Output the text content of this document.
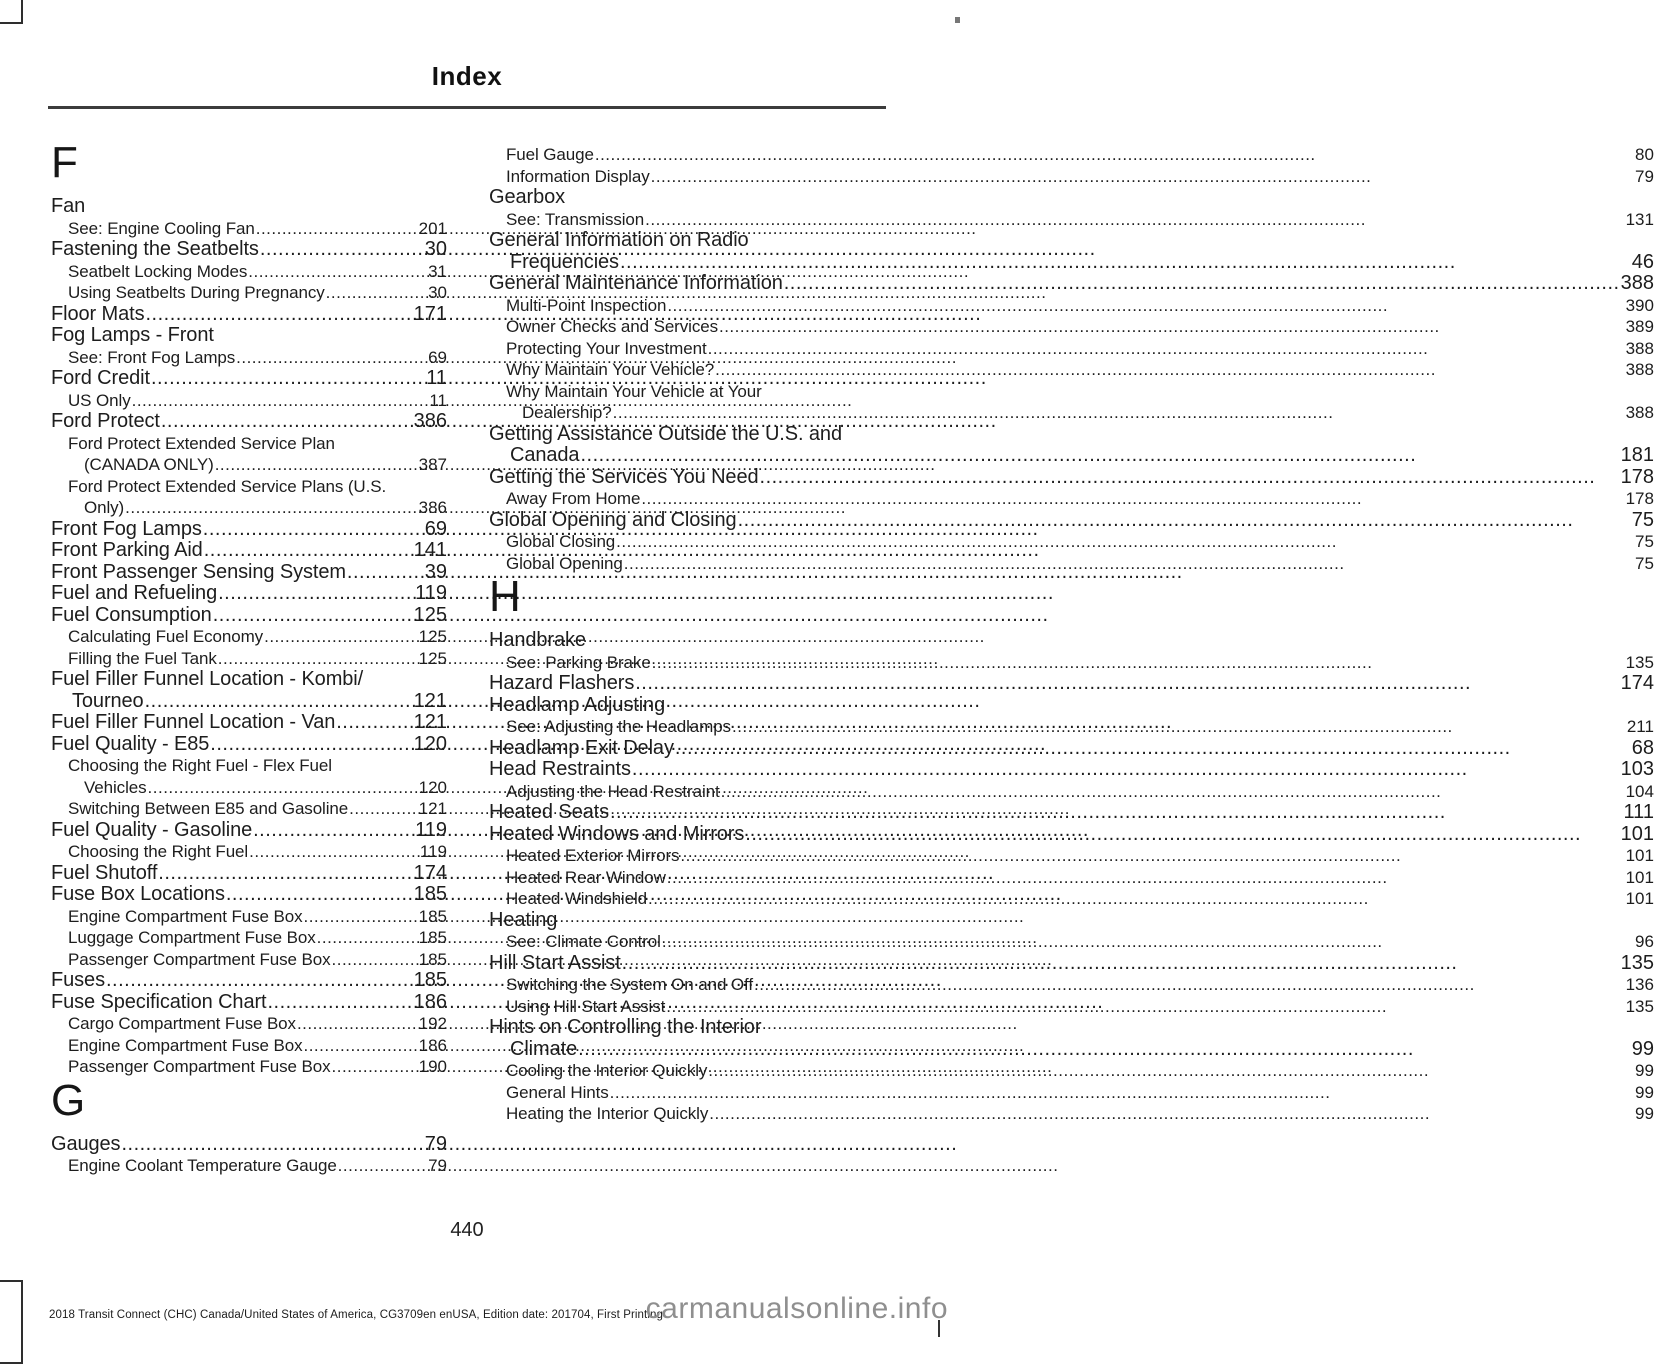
Index
F
Fan
See: Engine Cooling Fan .....	201
Fastening the Seatbelts .....	30
Seatbelt Locking Modes .....	31
Using Seatbelts During Pregnancy .....	30
Floor Mats .....	171
Fog Lamps - Front
See: Front Fog Lamps .....	69
Ford Credit .....	11
US Only .....	11
Ford Protect .....	386
Ford Protect Extended Service Plan
(CANADA ONLY) .....	387
Ford Protect Extended Service Plans (U.S.
Only) .....	386
Front Fog Lamps .....	69
Front Parking Aid .....	141
Front Passenger Sensing System .....	39
Fuel and Refueling .....	119
Fuel Consumption .....	125
Calculating Fuel Economy .....	125
Filling the Fuel Tank .....	125
Fuel Filler Funnel Location - Kombi/
Tourneo .....	121
Fuel Filler Funnel Location - Van .....	121
Fuel Quality - E85 .....	120
Choosing the Right Fuel - Flex Fuel
Vehicles .....	120
Switching Between E85 and Gasoline .....	121
Fuel Quality - Gasoline .....	119
Choosing the Right Fuel .....	119
Fuel Shutoff .....	174
Fuse Box Locations .....	185
Engine Compartment Fuse Box .....	185
Luggage Compartment Fuse Box .....	185
Passenger Compartment Fuse Box .....	185
Fuses .....	185
Fuse Specification Chart .....	186
Cargo Compartment Fuse Box .....	192
Engine Compartment Fuse Box .....	186
Passenger Compartment Fuse Box .....	190
G
Gauges .....	79
Engine Coolant Temperature Gauge .....	79
Fuel Gauge .....	80
Information Display .....	79
Gearbox
See: Transmission .....	131
General Information on Radio
Frequencies .....	46
General Maintenance Information .....	388
Multi-Point Inspection .....	390
Owner Checks and Services .....	389
Protecting Your Investment .....	388
Why Maintain Your Vehicle? .....	388
Why Maintain Your Vehicle at Your
Dealership? .....	388
Getting Assistance Outside the U.S. and
Canada .....	181
Getting the Services You Need .....	178
Away From Home .....	178
Global Opening and Closing .....	75
Global Closing .....	75
Global Opening .....	75
H
Handbrake
See: Parking Brake .....	135
Hazard Flashers .....	174
Headlamp Adjusting
See: Adjusting the Headlamps .....	211
Headlamp Exit Delay .....	68
Head Restraints .....	103
Adjusting the Head Restraint .....	104
Heated Seats .....	111
Heated Windows and Mirrors .....	101
Heated Exterior Mirrors .....	101
Heated Rear Window .....	101
Heated Windshield .....	101
Heating
See: Climate Control .....	96
Hill Start Assist .....	135
Switching the System On and Off .....	136
Using Hill Start Assist .....	135
Hints on Controlling the Interior
Climate .....	99
Cooling the Interior Quickly .....	99
General Hints .....	99
Heating the Interior Quickly .....	99
440
2018 Transit Connect (CHC) Canada/United States of America, CG3709en enUSA, Edition date: 201704, First Printing
carmanualsonline.info
